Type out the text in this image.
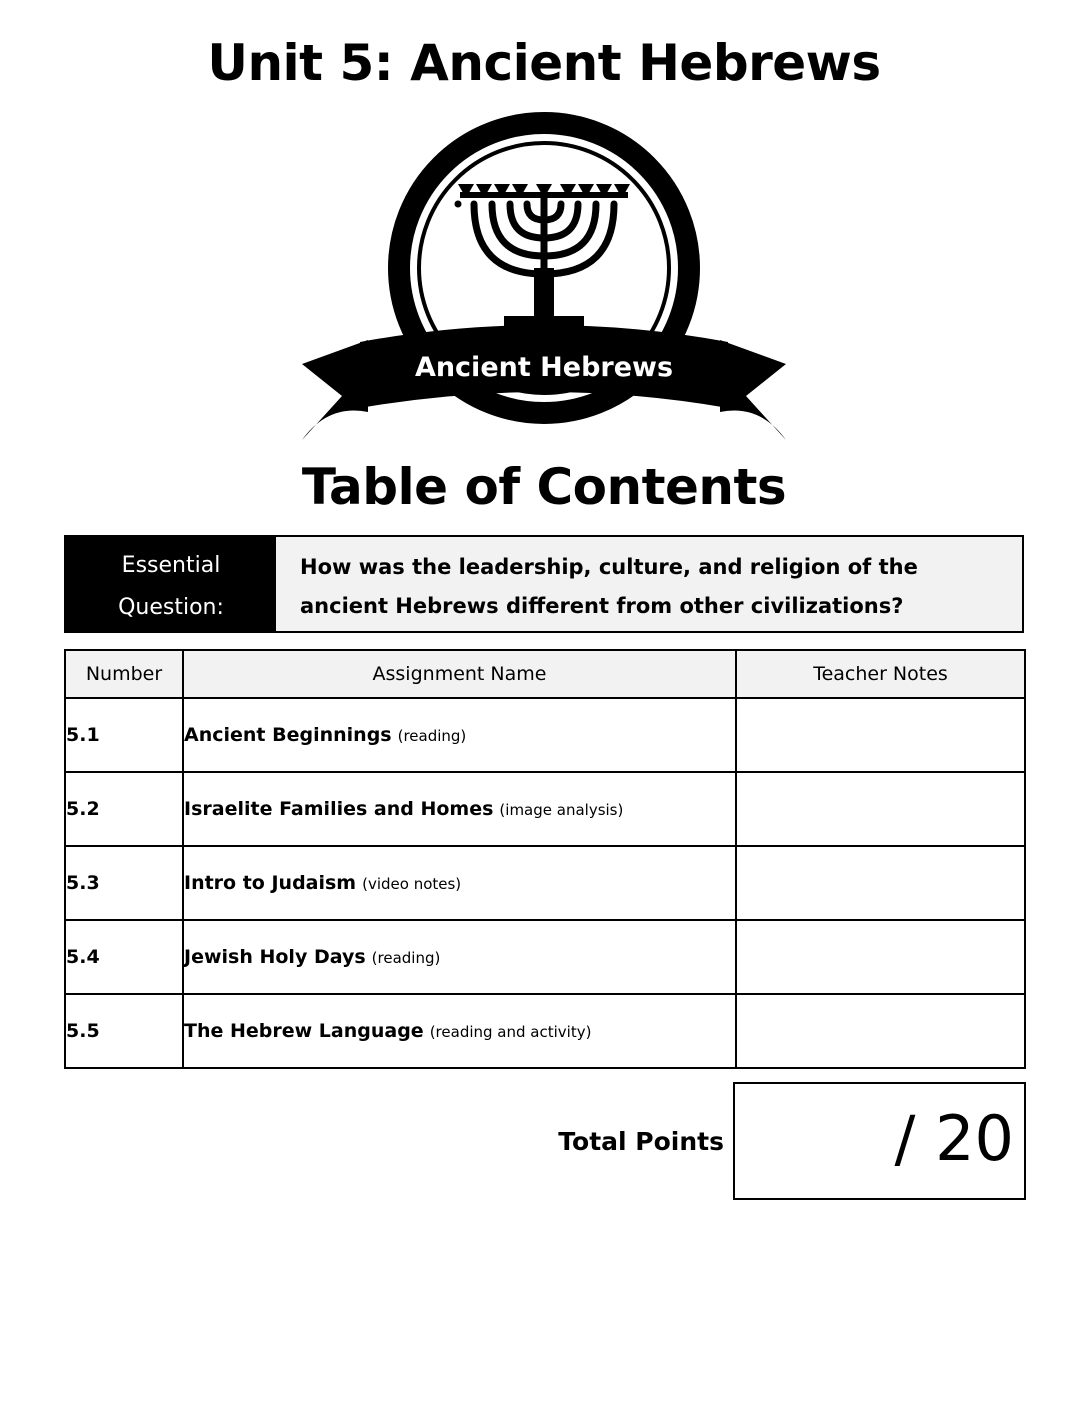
Unit 5: Ancient Hebrews
Ancient Hebrews
Table of Contents
Essential
Question:
How was the leadership, culture, and religion of the ancient Hebrews different from other civilizations?
Number	Assignment Name	Teacher Notes
5.1	Ancient Beginnings (reading)	
5.2	Israelite Families and Homes (image analysis)	
5.3	Intro to Judaism (video notes)	
5.4	Jewish Holy Days (reading)	
5.5	The Hebrew Language (reading and activity)	
Total Points	/ 20
